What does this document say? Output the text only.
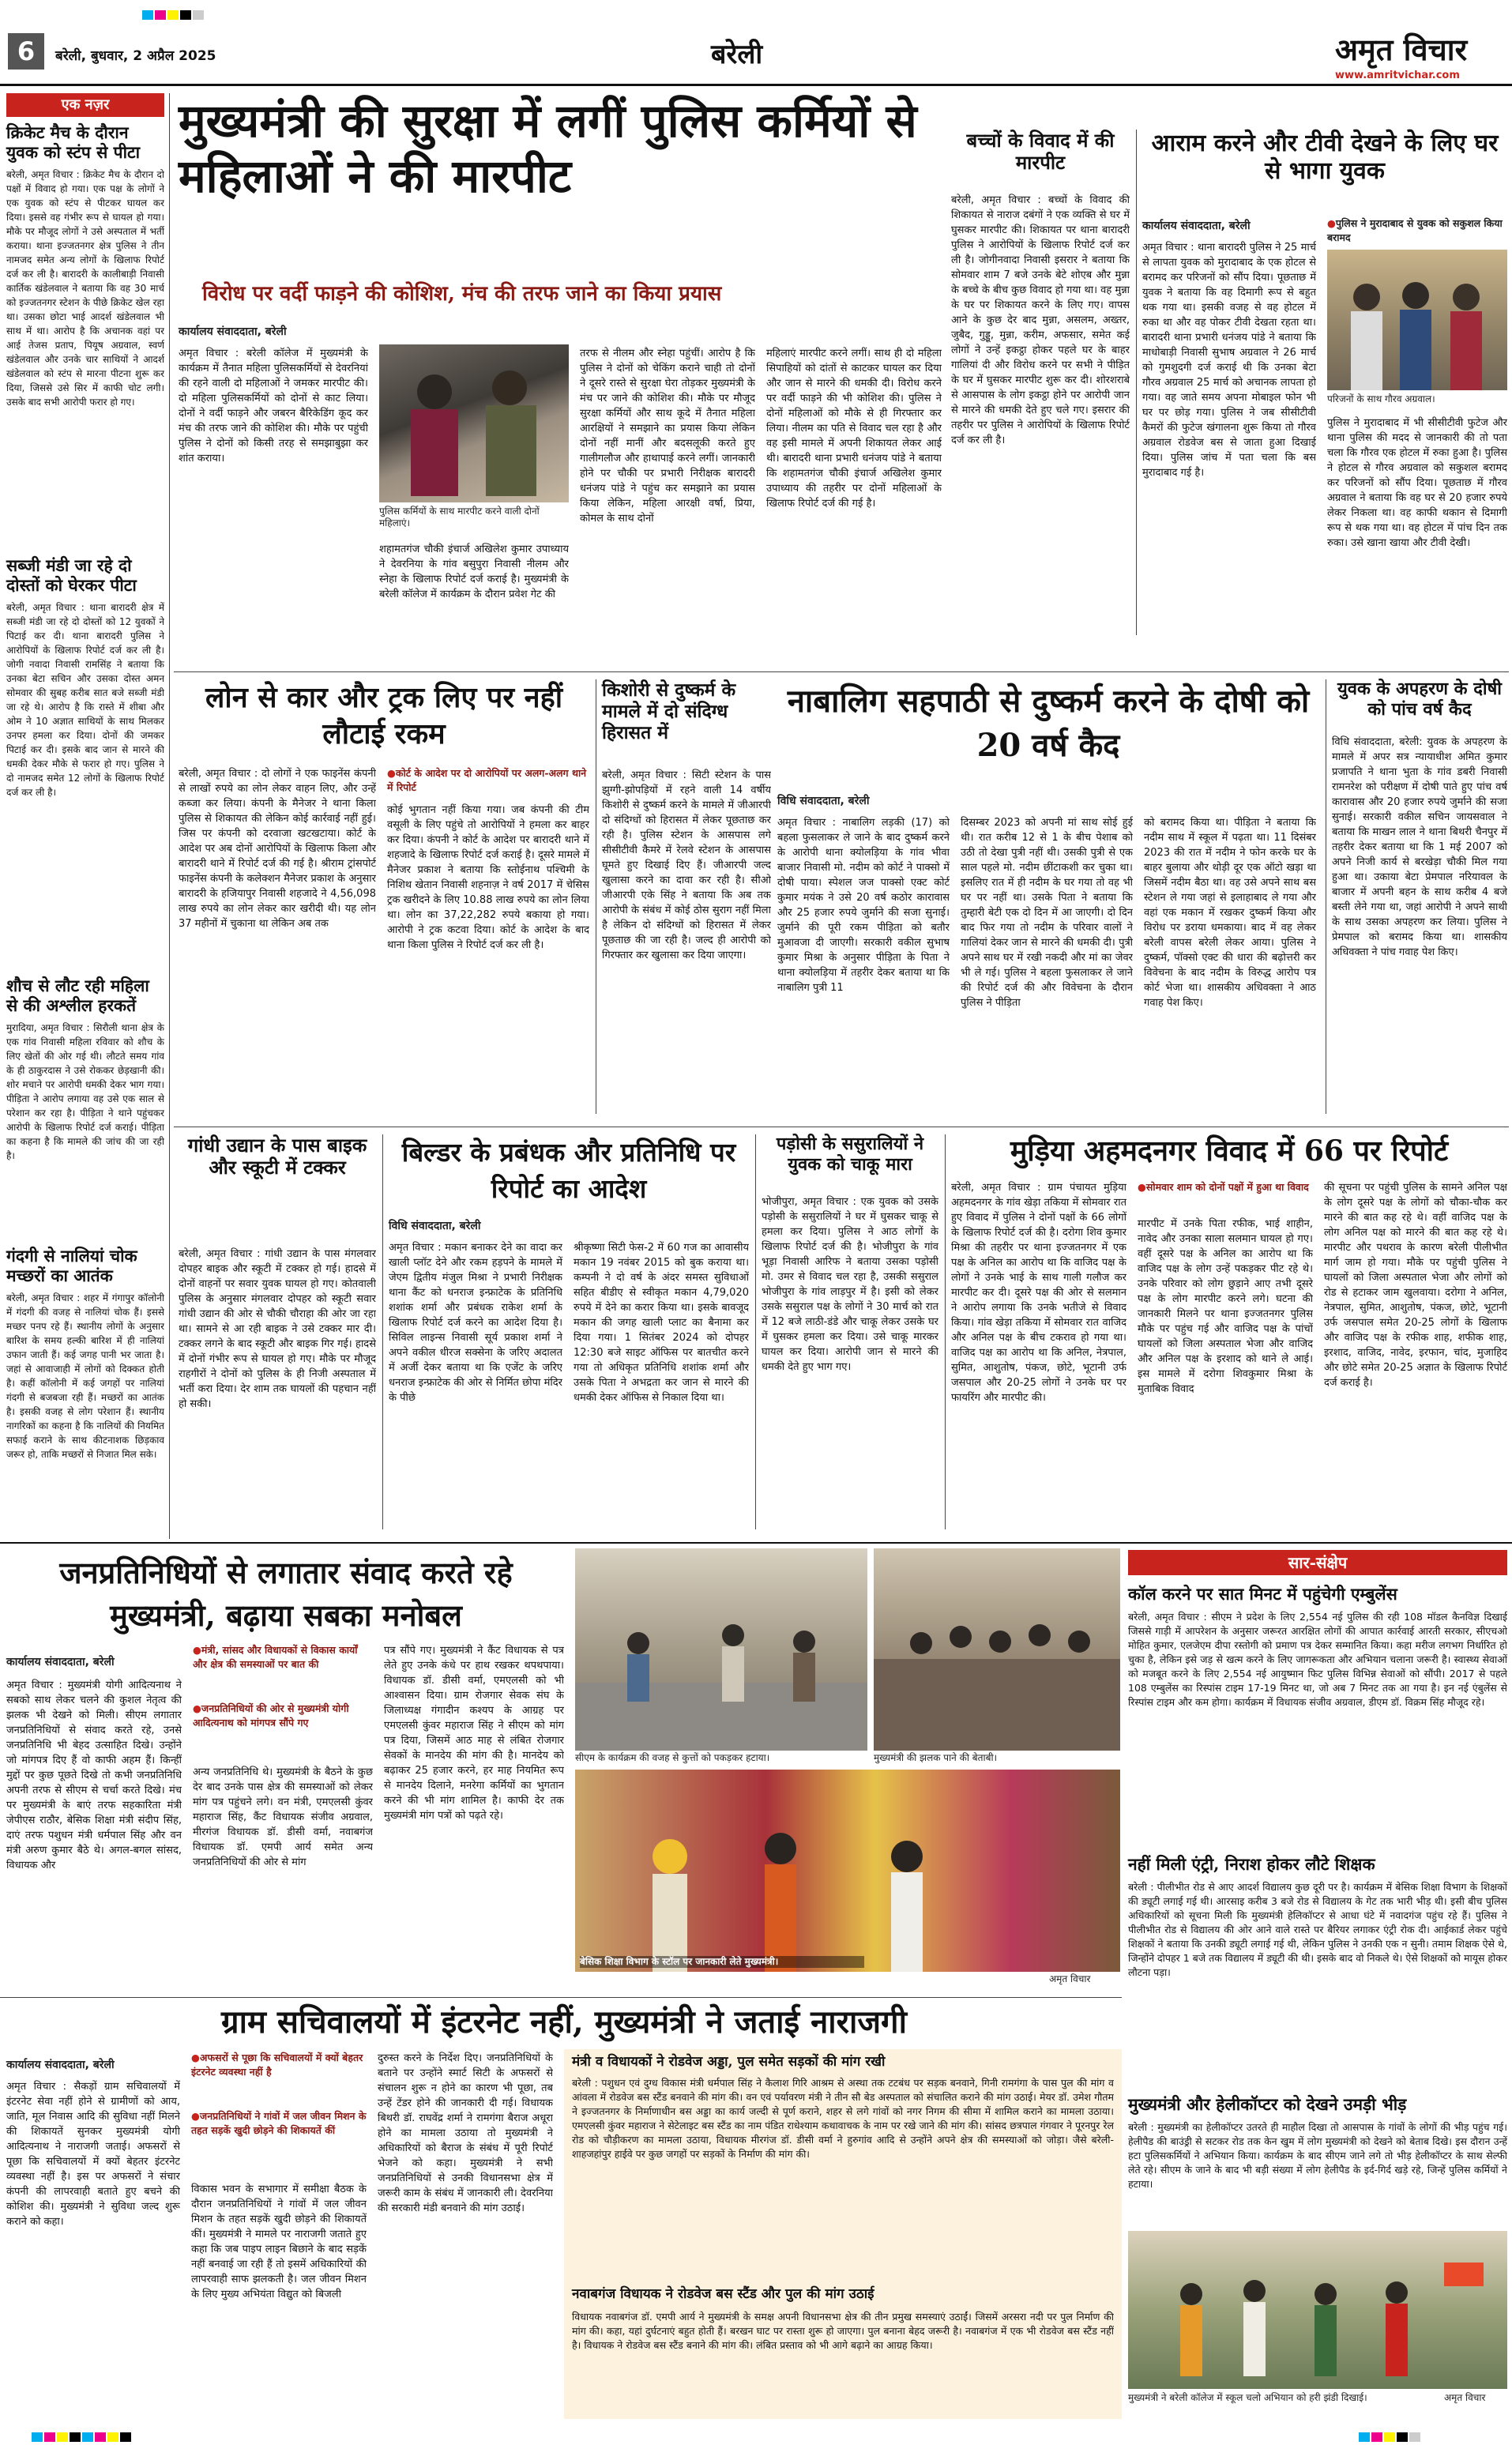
6	बरेली, बुधवार, 2 अप्रैल 2025	बरेली	अमृत विचार
www.amritvichar.com
एक नज़र
क्रिकेट मैच के दौरान युवक को स्टंप से पीटा
बरेली, अमृत विचार : क्रिकेट मैच के दौरान दो पक्षों में विवाद हो गया। एक पक्ष के लोगों ने एक युवक को स्टंप से पीटकर घायल कर दिया। इससे वह गंभीर रूप से घायल हो गया। मौके पर मौजूद लोगों ने उसे अस्पताल में भर्ती कराया। थाना इज्जतनगर क्षेत्र पुलिस ने तीन नामजद समेत अन्य लोगों के खिलाफ रिपोर्ट दर्ज कर ली है। बारादरी के कालीबाड़ी निवासी कार्तिक खंडेलवाल ने बताया कि वह 30 मार्च को इज्जतनगर स्टेशन के पीछे क्रिकेट खेल रहा था। उसका छोटा भाई आदर्श खंडेलवाल भी साथ में था। आरोप है कि अचानक वहां पर आई तेजस प्रताप, पियूष अग्रवाल, स्वर्ण खंडेलवाल और उनके चार साथियों ने आदर्श खंडेलवाल को स्टंप से मारना पीटना शुरू कर दिया, जिससे उसे सिर में काफी चोट लगी। उसके बाद सभी आरोपी फरार हो गए।
सब्जी मंडी जा रहे दो दोस्तों को घेरकर पीटा
बरेली, अमृत विचार : थाना बारादरी क्षेत्र में सब्जी मंडी जा रहे दो दोस्तों को 12 युवकों ने पिटाई कर दी। थाना बारादरी पुलिस ने आरोपियों के खिलाफ रिपोर्ट दर्ज कर ली है। जोगी नवादा निवासी रामसिंह ने बताया कि उनका बेटा सचिन और उसका दोस्त अमन सोमवार की सुबह करीब सात बजे सब्जी मंडी जा रहे थे। आरोप है कि रास्ते में शीबा और ओम ने 10 अज्ञात साथियों के साथ मिलकर उनपर हमला कर दिया। दोनों की जमकर पिटाई कर दी। इसके बाद जान से मारने की धमकी देकर मौके से फरार हो गए। पुलिस ने दो नामजद समेत 12 लोगों के खिलाफ रिपोर्ट दर्ज कर ली है।
शौच से लौट रही महिला से की अश्लील हरकतें
मुरादिया, अमृत विचार : सिरौली थाना क्षेत्र के एक गांव निवासी महिला रविवार को शौच के लिए खेतों की ओर गई थी। लौटते समय गांव के ही ठाकुरदास ने उसे रोककर छेड़खानी की। शोर मचाने पर आरोपी धमकी देकर भाग गया। पीड़िता ने आरोप लगाया वह उसे एक साल से परेशान कर रहा है। पीड़िता ने थाने पहुंचकर आरोपी के खिलाफ रिपोर्ट दर्ज कराई। पीड़िता का कहना है कि मामले की जांच की जा रही है।
गंदगी से नालियां चोक मच्छरों का आतंक
बरेली, अमृत विचार : शहर में गंगापुर कॉलोनी में गंदगी की वजह से नालियां चोक हैं। इससे मच्छर पनप रहे हैं। स्थानीय लोगों के अनुसार बारिश के समय हल्की बारिश में ही नालियां उफान जाती हैं। कई जगह पानी भर जाता है। जहां से आवाजाही में लोगों को दिक्कत होती है। कहीं कॉलोनी में कई जगहों पर नालियां गंदगी से बजबजा रही हैं। मच्छरों का आतंक है। इसकी वजह से लोग परेशान हैं। स्थानीय नागरिकों का कहना है कि नालियों की नियमित सफाई कराने के साथ कीटनाशक छिड़काव जरूर हो, ताकि मच्छरों से निजात मिल सके।
मुख्यमंत्री की सुरक्षा में लगीं पुलिस कर्मियों से महिलाओं ने की मारपीट
विरोध पर वर्दी फाड़ने की कोशिश, मंच की तरफ जाने का किया प्रयास
कार्यालय संवाददाता, बरेली
अमृत विचार : बरेली कॉलेज में मुख्यमंत्री के कार्यक्रम में तैनात महिला पुलिसकर्मियों से देवरनियां की रहने वाली दो महिलाओं ने जमकर मारपीट की। दो महिला पुलिसकर्मियों को दोनों से काट लिया। दोनों ने वर्दी फाड़ने और जबरन बैरिकेडिंग कूद कर मंच की तरफ जाने की कोशिश की। मौके पर पहुंची पुलिस ने दोनों को किसी तरह से समझाबुझा कर शांत कराया।
पुलिस कर्मियों के साथ मारपीट करने वाली दोनों महिलाएं।
शहामतगंज चौकी इंचार्ज अखिलेश कुमार उपाध्याय ने देवरनिया के गांव बसुपुरा निवासी नीलम और स्नेहा के खिलाफ रिपोर्ट दर्ज कराई है। मुख्यमंत्री के बरेली कॉलेज में कार्यक्रम के दौरान प्रवेश गेट की
तरफ से नीलम और स्नेहा पहुंचीं। आरोप है कि पुलिस ने दोनों को चेकिंग कराने चाही तो दोनों ने दूसरे रास्ते से सुरक्षा घेरा तोड़कर मुख्यमंत्री के मंच पर जाने की कोशिश की। मौके पर मौजूद सुरक्षा कर्मियों और साथ कूदे में तैनात महिला आरक्षियों ने समझाने का प्रयास किया लेकिन दोनों नहीं मानीं और बदसलूकी करते हुए गालीगलौज और हाथापाई करने लगीं। जानकारी होने पर चौकी पर प्रभारी निरीक्षक बारादरी धनंजय पांडे ने पहुंच कर समझाने का प्रयास किया लेकिन, महिला आरक्षी वर्षा, प्रिया, कोमल के साथ दोनों
महिलाएं मारपीट करने लगीं। साथ ही दो महिला सिपाहियों को दांतों से काटकर घायल कर दिया और जान से मारने की धमकी दी। विरोध करने पर वर्दी फाड़ने की भी कोशिश की। पुलिस ने दोनों महिलाओं को मौके से ही गिरफ्तार कर लिया। नीलम का पति से विवाद चल रहा है और वह इसी मामले में अपनी शिकायत लेकर आई थी। बारादरी थाना प्रभारी धनंजय पांडे ने बताया कि शहामतगंज चौकी इंचार्ज अखिलेश कुमार उपाध्याय की तहरीर पर दोनों महिलाओं के खिलाफ रिपोर्ट दर्ज की गई है।
बच्चों के विवाद में की मारपीट
बरेली, अमृत विचार : बच्चों के विवाद की शिकायत से नाराज दबंगों ने एक व्यक्ति से घर में घुसकर मारपीट की। शिकायत पर थाना बारादरी पुलिस ने आरोपियों के खिलाफ रिपोर्ट दर्ज कर ली है। जोगीनवादा निवासी इसरार ने बताया कि सोमवार शाम 7 बजे उनके बेटे शोएब और मुन्ना के बच्चे के बीच कुछ विवाद हो गया था। वह मुन्ना के घर पर शिकायत करने के लिए गए। वापस आने के कुछ देर बाद मुन्ना, असलम, अख्तर, जुबैद, गुड्डू, मुन्ना, करीम, अफसार, समेत कई लोगों ने उन्हें इकट्ठा होकर पहले घर के बाहर गालियां दी और विरोध करने पर सभी ने पीड़ित के घर में घुसकर मारपीट शुरू कर दी। शोरशराबे से आसपास के लोग इकट्ठा होने पर आरोपी जान से मारने की धमकी देते हुए चले गए। इसरार की तहरीर पर पुलिस ने आरोपियों के खिलाफ रिपोर्ट दर्ज कर ली है।
आराम करने और टीवी देखने के लिए घर से भागा युवक
कार्यालय संवाददाता, बरेली
अमृत विचार : थाना बारादरी पुलिस ने 25 मार्च से लापता युवक को मुरादाबाद के एक होटल से बरामद कर परिजनों को सौंप दिया। पूछताछ में युवक ने बताया कि वह दिमागी रूप से बहुत थक गया था। इसकी वजह से वह होटल में रुका था और वह पोकर टीवी देखता रहता था। बारादरी थाना प्रभारी धनंजय पांडे ने बताया कि माधोबाड़ी निवासी सुभाष अग्रवाल ने 26 मार्च को गुमशुदगी दर्ज कराई थी कि उनका बेटा गौरव अग्रवाल 25 मार्च को अचानक लापता हो गया। वह जाते समय अपना मोबाइल फोन भी घर पर छोड़ गया। पुलिस ने जब सीसीटीवी कैमरों की फुटेज खंगालना शुरू किया तो गौरव अग्रवाल रोडवेज बस से जाता हुआ दिखाई दिया। पुलिस जांच में पता चला कि बस मुरादाबाद गई है।
● पुलिस ने मुरादाबाद से युवक को सकुशल किया बरामद
परिजनों के साथ गौरव अग्रवाल।
पुलिस ने मुरादाबाद में भी सीसीटीवी फुटेज और थाना पुलिस की मदद से जानकारी की तो पता चला कि गौरव एक होटल में रुका हुआ है। पुलिस ने होटल से गौरव अग्रवाल को सकुशल बरामद कर परिजनों को सौंप दिया। पूछताछ में गौरव अग्रवाल ने बताया कि वह घर से 20 हजार रुपये लेकर निकला था। वह काफी थकान से दिमागी रूप से थक गया था। वह होटल में पांच दिन तक रुका। उसे खाना खाया और टीवी देखी।
लोन से कार और ट्रक लिए पर नहीं लौटाई रकम
बरेली, अमृत विचार : दो लोगों ने एक फाइनेंस कंपनी से लाखों रुपये का लोन लेकर वाहन लिए, और उन्हें कब्जा कर लिया। कंपनी के मैनेजर ने थाना किला पुलिस से शिकायत की लेकिन कोई कार्रवाई नहीं हुई। जिस पर कंपनी को दरवाजा खटखटाया। कोर्ट के आदेश पर अब दोनों आरोपियों के खिलाफ किला और बारादरी थाने में रिपोर्ट दर्ज की गई है। श्रीराम ट्रांसपोर्ट फाइनेंस कंपनी के कलेक्शन मैनेजर प्रकाश के अनुसार बारादरी के हजियापुर निवासी शहजादे ने 4,56,098 लाख रुपये का लोन लेकर कार खरीदी थी। यह लोन 37 महीनों में चुकाना था लेकिन अब तक
● कोर्ट के आदेश पर दो आरोपियों पर अलग-अलग थाने में रिपोर्ट
कोई भुगतान नहीं किया गया। जब कंपनी की टीम वसूली के लिए पहुंचे तो आरोपियों ने हमला कर बाहर कर दिया। कंपनी ने कोर्ट के आदेश पर बारादरी थाने में शहजादे के खिलाफ रिपोर्ट दर्ज कराई है। दूसरे मामले में मैनेजर प्रकाश ने बताया कि स्तोईनाथ पश्चिमी के निशिथ खेतान निवासी शहनाज़ ने वर्ष 2017 में चेसिस ट्रक खरीदने के लिए 10.88 लाख रुपये का लोन लिया था। लोन का 37,22,282 रुपये बकाया हो गया। आरोपी ने ट्रक कटवा दिया। कोर्ट के आदेश के बाद थाना किला पुलिस ने रिपोर्ट दर्ज कर ली है।
किशोरी से दुष्कर्म के मामले में दो संदिग्ध हिरासत में
बरेली, अमृत विचार : सिटी स्टेशन के पास झुग्गी-झोपड़ियों में रहने वाली 14 वर्षीय किशोरी से दुष्कर्म करने के मामले में जीआरपी दो संदिग्धों को हिरासत में लेकर पूछताछ कर रही है। पुलिस स्टेशन के आसपास लगे सीसीटीवी कैमरे में रेलवे स्टेशन के आसपास घूमते हुए दिखाई दिए हैं। जीआरपी जल्द खुलासा करने का दावा कर रही है। सीओ जीआरपी एके सिंह ने बताया कि अब तक आरोपी के संबंध में कोई ठोस सुराग नहीं मिला है लेकिन दो संदिग्धों को हिरासत में लेकर पूछताछ की जा रही है। जल्द ही आरोपी को गिरफ्तार कर खुलासा कर दिया जाएगा।
नाबालिग सहपाठी से दुष्कर्म करने के दोषी को 20 वर्ष कैद
विधि संवाददाता, बरेली
अमृत विचार : नाबालिग लड़की (17) को बहला फुसलाकर ले जाने के बाद दुष्कर्म करने के आरोपी थाना क्योलड़िया के गांव भीवा बाजार निवासी मो. नदीम को कोर्ट ने पाक्सो में दोषी पाया। स्पेशल जज पाक्सो एक्ट कोर्ट कुमार मयंक ने उसे 20 वर्ष कठोर कारावास और 25 हजार रुपये जुर्माने की सजा सुनाई। जुर्माने की पूरी रकम पीड़िता को बतौर मुआवजा दी जाएगी। सरकारी वकील सुभाष कुमार मिश्रा के अनुसार पीड़िता के पिता ने थाना क्योलड़िया में तहरीर देकर बताया था कि नाबालिग पुत्री 11
दिसम्बर 2023 को अपनी मां साथ सोई हुई थी। रात करीब 12 से 1 के बीच पेशाब को उठी तो देखा पुत्री नहीं थी। उसकी पुत्री से एक साल पहले मो. नदीम छींटाकशी कर चुका था। इसलिए रात में ही नदीम के घर गया तो वह भी घर पर नहीं था। उसके पिता ने बताया कि तुम्हारी बेटी एक दो दिन में आ जाएगी। दो दिन बाद फिर गया तो नदीम के परिवार वालों ने गालियां देकर जान से मारने की धमकी दी। पुत्री अपने साथ घर में रखी नकदी और मां का जेवर भी ले गई। पुलिस ने बहला फुसलाकर ले जाने की रिपोर्ट दर्ज की और विवेचना के दौरान पुलिस ने पीड़िता
को बरामद किया था। पीड़िता ने बताया कि नदीम साथ में स्कूल में पढ़ता था। 11 दिसंबर 2023 की रात में नदीम ने फोन करके घर के बाहर बुलाया और थोड़ी दूर एक ऑटो खड़ा था जिसमें नदीम बैठा था। वह उसे अपने साथ बस स्टेशन ले गया जहां से इलाहाबाद ले गया और वहां एक मकान में रखकर दुष्कर्म किया और विरोध पर डराया धमकाया। बाद में वह लेकर बरेली वापस बरेली लेकर आया। पुलिस ने दुष्कर्म, पॉक्सो एक्ट की धारा की बढ़ोत्तरी कर विवेचना के बाद नदीम के विरुद्ध आरोप पत्र कोर्ट भेजा था। शासकीय अधिवक्ता ने आठ गवाह पेश किए।
युवक के अपहरण के दोषी को पांच वर्ष कैद
विधि संवाददाता, बरेली: युवक के अपहरण के मामले में अपर सत्र न्यायाधीश अमित कुमार प्रजापति ने थाना भुता के गांव डबरी निवासी रामनरेश को परीक्षण में दोषी पाते हुए पांच वर्ष कारावास और 20 हजार रुपये जुर्माने की सजा सुनाई। सरकारी वकील सचिन जायसवाल ने बताया कि माखन लाल ने थाना बिथरी चैनपुर में तहरीर देकर बताया था कि 1 मई 2007 को अपने निजी कार्य से बरखेड़ा चौकी मिल गया हुआ था। उकाया बेटा प्रेमपाल नरियावल के बाजार में अपनी बहन के साथ करीब 4 बजे बस्ती लेने गया था, जहां आरोपी ने अपने साथी के साथ उसका अपहरण कर लिया। पुलिस ने प्रेमपाल को बरामद किया था। शासकीय अधिवक्ता ने पांच गवाह पेश किए।
गांधी उद्यान के पास बाइक और स्कूटी में टक्कर
बरेली, अमृत विचार : गांधी उद्यान के पास मंगलवार दोपहर बाइक और स्कूटी में टक्कर हो गई। हादसे में दोनों वाहनों पर सवार युवक घायल हो गए। कोतवाली पुलिस के अनुसार मंगलवार दोपहर को स्कूटी सवार गांधी उद्यान की ओर से चौकी चौराहा की ओर जा रहा था। सामने से आ रही बाइक ने उसे टक्कर मार दी। टक्कर लगने के बाद स्कूटी और बाइक गिर गई। हादसे में दोनों गंभीर रूप से घायल हो गए। मौके पर मौजूद राहगीरों ने दोनों को पुलिस के ही निजी अस्पताल में भर्ती करा दिया। देर शाम तक घायलों की पहचान नहीं हो सकी।
बिल्डर के प्रबंधक और प्रतिनिधि पर रिपोर्ट का आदेश
विधि संवाददाता, बरेली
अमृत विचार : मकान बनाकर देने का वादा कर खाली प्लॉट देने और रकम हड़पने के मामले में जेएम द्वितीय मंजुल मिश्रा ने प्रभारी निरीक्षक थाना कैंट को धनराज इन्फ्राटेक के प्रतिनिधि शशांक शर्मा और प्रबंधक राकेश शर्मा के खिलाफ रिपोर्ट दर्ज करने का आदेश दिया है। सिविल लाइन्स निवासी सूर्य प्रकाश शर्मा ने अपने वकील धीरज सक्सेना के जरिए अदालत में अर्जी देकर बताया था कि एजेंट के जरिए धनराज इन्फ्राटेक की ओर से निर्मित छोपा मंदिर के पीछे
श्रीकृष्णा सिटी फेस-2 में 60 गज का आवासीय मकान 19 नवंबर 2015 को बुक कराया था। कम्पनी ने दो वर्ष के अंदर समस्त सुविधाओं सहित बीडीए से स्वीकृत मकान 4,79,020 रुपये में देने का करार किया था। इसके बावजूद मकान की जगह खाली प्लाट का बैनामा कर दिया गया। 1 सितंबर 2024 को दोपहर 12:30 बजे साइट ऑफिस पर बातचीत करने गया तो अधिकृत प्रतिनिधि शशांक शर्मा और उसके पिता ने अभद्रता कर जान से मारने की धमकी देकर ऑफिस से निकाल दिया था।
पड़ोसी के ससुरालियों ने युवक को चाकू मारा
भोजीपुरा, अमृत विचार : एक युवक को उसके पड़ोसी के ससुरालियों ने घर में घुसकर चाकू से हमला कर दिया। पुलिस ने आठ लोगों के खिलाफ रिपोर्ट दर्ज की है। भोजीपुरा के गांव भूड़ा निवासी आरिफ ने बताया उसका पड़ोसी मो. उमर से विवाद चल रहा है, उसकी ससुराल भोजीपुरा के गांव लाड़पुर में है। इसी को लेकर उसके ससुराल पक्ष के लोगों ने 30 मार्च को रात में 12 बजे लाठी-डंडे और चाकू लेकर उसके घर में घुसकर हमला कर दिया। उसे चाकू मारकर घायल कर दिया। आरोपी जान से मारने की धमकी देते हुए भाग गए।
मुड़िया अहमदनगर विवाद में 66 पर रिपोर्ट
बरेली, अमृत विचार : ग्राम पंचायत मुड़िया अहमदनगर के गांव खेड़ा तकिया में सोमवार रात हुए विवाद में पुलिस ने दोनों पक्षों के 66 लोगों के खिलाफ रिपोर्ट दर्ज की है। दरोगा शिव कुमार मिश्रा की तहरीर पर थाना इज्जतनगर में एक पक्ष के अनिल का आरोप था कि वाजिद पक्ष के लोगों ने उनके भाई के साथ गाली गलौज कर मारपीट कर दी। दूसरे पक्ष की ओर से सलमान ने आरोप लगाया कि उनके भतीजे से विवाद किया। गांव खेड़ा तकिया में सोमवार रात वाजिद और अनिल पक्ष के बीच टकराव हो गया था। वाजिद पक्ष का आरोप था कि अनिल, नेत्रपाल, सुमित, आशुतोष, पंकज, छोटे, भूटानी उर्फ जसपाल और 20-25 लोगों ने उनके घर पर फायरिंग और मारपीट की।
● सोमवार शाम को दोनों पक्षों में हुआ था विवाद
मारपीट में उनके पिता रफीक, भाई शाहीन, नावेद और उनका साला सलमान घायल हो गए। वहीं दूसरे पक्ष के अनिल का आरोप था कि वाजिद पक्ष के लोग उन्हें पकड़कर पीट रहे थे। उनके परिवार को लोग छुड़ाने आए तभी दूसरे पक्ष के लोग मारपीट करने लगे। घटना की जानकारी मिलने पर थाना इज्जतनगर पुलिस मौके पर पहुंच गई और वाजिद पक्ष के पांचों घायलों को जिला अस्पताल भेजा और वाजिद और अनिल पक्ष के इरशाद को थाने ले आई। इस मामले में दरोगा शिवकुमार मिश्रा के मुताबिक विवाद
की सूचना पर पहुंची पुलिस के सामने अनिल पक्ष के लोग दूसरे पक्ष के लोगों को चौका-चौक कर मारने की बात कह रहे थे। वहीं वाजिद पक्ष के लोग अनिल पक्ष को मारने की बात कह रहे थे। मारपीट और पथराव के कारण बरेली पीलीभीत मार्ग जाम हो गया। मौके पर पहुंची पुलिस ने घायलों को जिला अस्पताल भेजा और लोगों को रोड से हटाकर जाम खुलवाया। दरोगा ने अनिल, नेत्रपाल, सुमित, आशुतोष, पंकज, छोटे, भूटानी उर्फ जसपाल समेत 20-25 लोगों के खिलाफ और वाजिद पक्ष के रफीक शाह, शफीक शाह, इरशाद, वाजिद, नावेद, इरफान, चांद, मुजाहिद और छोटे समेत 20-25 अज्ञात के खिलाफ रिपोर्ट दर्ज कराई है।
जनप्रतिनिधियों से लगातार संवाद करते रहे मुख्यमंत्री, बढ़ाया सबका मनोबल
कार्यालय संवाददाता, बरेली
अमृत विचार : मुख्यमंत्री योगी आदित्यनाथ ने सबको साथ लेकर चलने की कुशल नेतृत्व की झलक भी देखने को मिली। सीएम लगातार जनप्रतिनिधियों से संवाद करते रहे, उनसे जनप्रतिनिधि भी बेहद उत्साहित दिखे। उन्होंने जो मांगपत्र दिए हैं वो काफी अहम हैं। किन्हीं मुद्दों पर कुछ पूछते दिखे तो कभी जनप्रतिनिधि अपनी तरफ से सीएम से चर्चा करते दिखे। मंच पर मुख्यमंत्री के बाएं तरफ सहकारिता मंत्री जेपीएस राठौर, बेसिक शिक्षा मंत्री संदीप सिंह, दाएं तरफ पशुधन मंत्री धर्मपाल सिंह और वन मंत्री अरुण कुमार बैठे थे। अगल-बगल सांसद, विधायक और
● मंत्री, सांसद और विधायकों से विकास कार्यों और क्षेत्र की समस्याओं पर बात की
● जनप्रतिनिधियों की ओर से मुख्यमंत्री योगी आदित्यनाथ को मांगपत्र सौंपे गए
अन्य जनप्रतिनिधि थे। मुख्यमंत्री के बैठने के कुछ देर बाद उनके पास क्षेत्र की समस्याओं को लेकर मांग पत्र पहुंचने लगे। वन मंत्री, एमएलसी कुंवर महाराज सिंह, कैंट विधायक संजीव अग्रवाल, मीरगंज विधायक डॉ. डीसी वर्मा, नवाबगंज विधायक डॉ. एमपी आर्य समेत अन्य जनप्रतिनिधियों की ओर से मांग
पत्र सौंपे गए। मुख्यमंत्री ने कैंट विधायक से पत्र लेते हुए उनके कंधे पर हाथ रखकर थपथपाया। विधायक डॉ. डीसी वर्मा, एमएलसी को भी आश्वासन दिया। ग्राम रोजगार सेवक संघ के जिलाध्यक्ष गंगादीन कश्यप के आग्रह पर एमएलसी कुंवर महाराज सिंह ने सीएम को मांग पत्र दिया, जिसमें आठ माह से लंबित रोजगार सेवकों के मानदेय की मांग की है। मानदेय को बढ़ाकर 25 हजार करने, हर माह नियमित रूप से मानदेय दिलाने, मनरेगा कर्मियों का भुगतान करने की भी मांग शामिल है। काफी देर तक मुख्यमंत्री मांग पत्रों को पढ़ते रहे।
सीएम के कार्यक्रम की वजह से कुत्तों को पकड़कर हटाया।	मुख्यमंत्री की झलक पाने की बेताबी।
बेसिक शिक्षा विभाग के स्टॉल पर जानकारी लेते मुख्यमंत्री।
अमृत विचार
सार-संक्षेप
कॉल करने पर सात मिनट में पहुंचेगी एम्बुलेंस
बरेली, अमृत विचार : सीएम ने प्रदेश के लिए 2,554 नई पुलिस की रही 108 मॉडल कैनविज्ञ दिखाई जिससे गाड़ी में आपरेशन के अनुसार जरूरत आरक्षित लोगों की आपात कार्रवाई आरती सरकार, सीएचओ मोहित कुमार, एलजेएम दीपा रस्तोगी को प्रमाण पत्र देकर सम्मानित किया। कहा मरीज लगभग निर्धारित हो चुका है, लेकिन इसे जड़ से खत्म करने के लिए जागरूकता और अभियान चलाना जरूरी है। स्वास्थ्य सेवाओं को मजबूत करने के लिए 2,554 नई आयुष्मान फिट पुलिस विभिन्न सेवाओं को सौंपी। 2017 से पहले 108 एम्बुलेंस का रिस्पांस टाइम 17-19 मिनट था, जो अब 7 मिनट तक आ गया है। इन नई एंबुलेंस से रिस्पांस टाइम और कम होगा। कार्यक्रम में विधायक संजीव अग्रवाल, डीएम डॉ. विक्रम सिंह मौजूद रहे।
नहीं मिली एंट्री, निराश होकर लौटे शिक्षक
बरेली : पीलीभीत रोड से आए आदर्श विद्यालय कुछ दूरी पर है। कार्यक्रम में बेसिक शिक्षा विभाग के शिक्षकों की ड्यूटी लगाई गई थी। आरसाइ करीब 3 बजे रोड से विद्यालय के गेट तक भारी भीड़ थी। इसी बीच पुलिस अधिकारियों को सूचना मिली कि मुख्यमंत्री हेलिकॉप्टर से आधा घंटे में नवादगंज पहुंच रहे हैं। पुलिस ने पीलीभीत रोड से विद्यालय की ओर आने वाले रास्ते पर बैरियर लगाकर एंट्री रोक दी। आईकार्ड लेकर पहुंचे शिक्षकों ने बताया कि उनकी ड्यूटी लगाई गई थी, लेकिन पुलिस ने उनकी एक न सुनी। तमाम शिक्षक ऐसे थे, जिन्होंने दोपहर 1 बजे तक विद्यालय में ड्यूटी की थी। इसके बाद वो निकले थे। ऐसे शिक्षकों को मायूस होकर लौटना पड़ा।
मुख्यमंत्री और हेलीकॉप्टर को देखने उमड़ी भीड़
बरेली : मुख्यमंत्री का हेलीकॉप्टर उतरते ही माहौल दिखा तो आसपास के गांवों के लोगों की भीड़ पहुंच गई। हेलीपैड की बाउंड्री से सटकर रोड तक केन खुम में लोग मुख्यमंत्री को देखने को बेताब दिखे। इस दौरान उन्हें हटा पुलिसकर्मियों ने अभियान किया। कार्यक्रम के बाद सीएम जाने लगे तो भीड़ हेलीकॉप्टर के साथ सेल्फी लेते रहे। सीएम के जाने के बाद भी बड़ी संख्या में लोग हेलीपैड के इर्द-गिर्द खड़े रहे, जिन्हें पुलिस कर्मियों ने हटाया।
मुख्यमंत्री ने बरेली कॉलेज में स्कूल चलो अभियान को हरी झंडी दिखाई।	अमृत विचार
ग्राम सचिवालयों में इंटरनेट नहीं, मुख्यमंत्री ने जताई नाराजगी
कार्यालय संवाददाता, बरेली
अमृत विचार : सैकड़ों ग्राम सचिवालयों में इंटरनेट सेवा नहीं होने से ग्रामीणों को आय, जाति, मूल निवास आदि की सुविधा नहीं मिलने की शिकायतें सुनकर मुख्यमंत्री योगी आदित्यनाथ ने नाराजगी जताई। अफसरों से पूछा कि सचिवालयों में क्यों बेहतर इंटरनेट व्यवस्था नहीं है। इस पर अफसरों ने संचार कंपनी की लापरवाही बताते हुए बचने की कोशिश की। मुख्यमंत्री ने सुविधा जल्द शुरू कराने को कहा।
● अफसरों से पूछा कि सचिवालयों में क्यों बेहतर इंटरनेट व्यवस्था नहीं है
● जनप्रतिनिधियों ने गांवों में जल जीवन मिशन के तहत सड़कें खुदी छोड़ने की शिकायतें कीं
विकास भवन के सभागार में समीक्षा बैठक के दौरान जनप्रतिनिधियों ने गांवों में जल जीवन मिशन के तहत सड़कें खुदी छोड़ने की शिकायतें कीं। मुख्यमंत्री ने मामले पर नाराजगी जताते हुए कहा कि जब पाइप लाइन बिछाने के बाद सड़कें नहीं बनवाई जा रही हैं तो इसमें अधिकारियों की लापरवाही साफ झलकती है। जल जीवन मिशन के लिए मुख्य अभियंता विद्युत को बिजली
दुरुस्त करने के निर्देश दिए। जनप्रतिनिधियों के बताने पर उन्होंने स्मार्ट सिटी के अफसरों से संचालन शुरू न होने का कारण भी पूछा, तब उन्हें टेंडर होने की जानकारी दी गई। विधायक बिथरी डॉ. राघवेंद्र शर्मा ने रामगंगा बैराज अधूरा होने का मामला उठाया तो मुख्यमंत्री ने अधिकारियों को बैराज के संबंध में पूरी रिपोर्ट भेजने को कहा। मुख्यमंत्री ने सभी जनप्रतिनिधियों से उनकी विधानसभा क्षेत्र में जरूरी काम के संबंध में जानकारी ली। देवरनिया की सरकारी मंडी बनवाने की मांग उठाई।
मंत्री व विधायकों ने रोडवेज अड्डा, पुल समेत सड़कों की मांग रखी
बरेली : पशुधन एवं दुग्ध विकास मंत्री धर्मपाल सिंह ने कैलाश गिरि आश्रम से अस्था तक टटबंध पर सड़क बनवाने, गिनी रामगंगा के पास पुल की मांग व आंवला में रोडवेज बस स्टैंड बनवाने की मांग की। वन एवं पर्यावरण मंत्री ने तीन सौ बेड अस्पताल को संचालित कराने की मांग उठाई। मेयर डॉ. उमेश गौतम ने इज्जतनगर के निर्माणाधीन बस अड्डा का कार्य जल्दी से पूर्ण कराने, शहर से लगे गांवों को नगर निगम की सीमा में शामिल कराने का मामला उठाया। एमएलसी कुंवर महाराज ने सेटेलाइट बस स्टैंड का नाम पंडित राधेश्याम कथावाचक के नाम पर रखे जाने की मांग की। सांसद छत्रपाल गंगवार ने पूरनपुर रेल रोड को चौड़ीकरण का मामला उठाया, विधायक मीरगंज डॉ. डीसी वर्मा ने हुरुगांव आदि से उन्होंने अपने क्षेत्र की समस्याओं को जोड़ा। जैसे बरेली-शाहजहांपुर हाईवे पर कुछ जगहों पर सड़कों के निर्माण की मांग की।
नवाबगंज विधायक ने रोडवेज बस स्टैंड और पुल की मांग उठाई
विधायक नवाबगंज डॉ. एमपी आर्य ने मुख्यमंत्री के समक्ष अपनी विधानसभा क्षेत्र की तीन प्रमुख समस्याएं उठाईं। जिसमें अरसरा नदी पर पुल निर्माण की मांग की। कहा, यहां दुर्घटनाएं बहुत होती हैं। बरखन घाट पर रास्ता शुरू हो जाएगा। पुल बनाना बेहद जरूरी है। नवाबगंज में एक भी रोडवेज बस स्टैंड नहीं है। विधायक ने रोडवेज बस स्टैंड बनाने की मांग की। लंबित प्रस्ताव को भी आगे बढ़ाने का आग्रह किया।
